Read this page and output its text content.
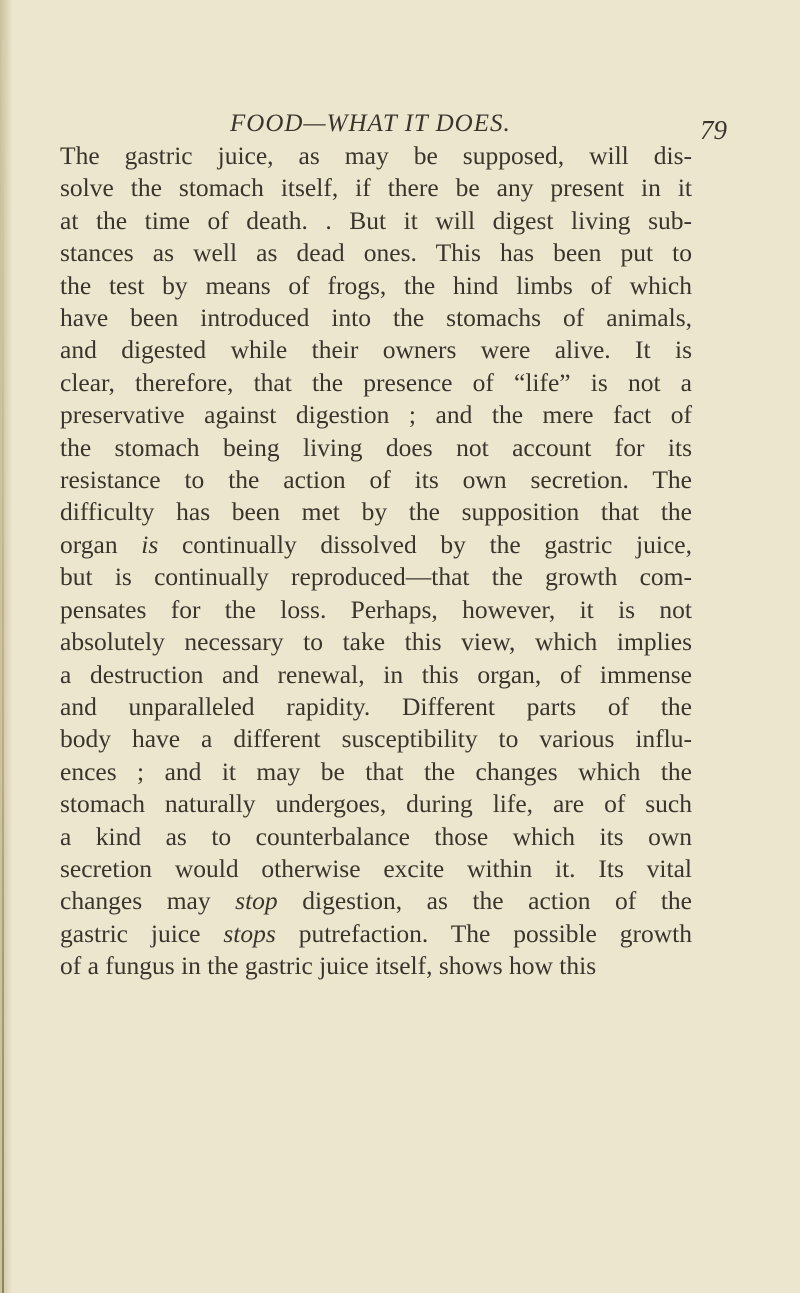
FOOD—WHAT IT DOES.	79
The gastric juice, as may be supposed, will dis-
solve the stomach itself, if there be any present in it
at the time of death. . But it will digest living sub-
stances as well as dead ones. This has been put to
the test by means of frogs, the hind limbs of which
have been introduced into the stomachs of animals,
and digested while their owners were alive. It is
clear, therefore, that the presence of “life” is not a
preservative against digestion ; and the mere fact of
the stomach being living does not account for its
resistance to the action of its own secretion. The
difficulty has been met by the supposition that the
organ is continually dissolved by the gastric juice,
but is continually reproduced—that the growth com-
pensates for the loss. Perhaps, however, it is not
absolutely necessary to take this view, which implies
a destruction and renewal, in this organ, of immense
and unparalleled rapidity. Different parts of the
body have a different susceptibility to various influ-
ences ; and it may be that the changes which the
stomach naturally undergoes, during life, are of such
a kind as to counterbalance those which its own
secretion would otherwise excite within it. Its vital
changes may stop digestion, as the action of the
gastric juice stops putrefaction. The possible growth
of a fungus in the gastric juice itself, shows how this
